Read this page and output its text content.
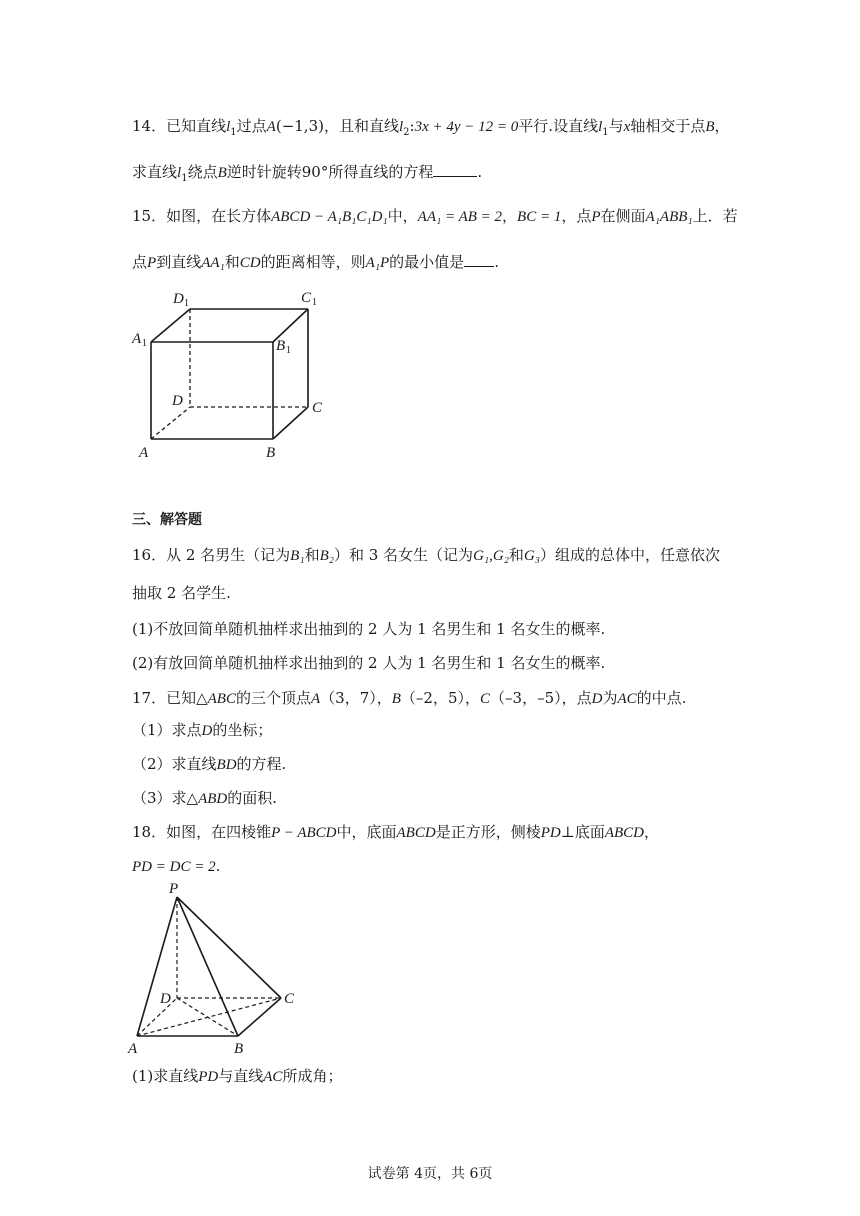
14．已知直线$l_1$过点A(−1,3)，且和直线$l_2:3x + 4y - 12 = 0$平行.设直线$l_1$与x轴相交于点B，
求直线$l_1$绕点B逆时针旋转90°所得直线的方程	.
15．如图，在长方体ABCD − A₁B₁C₁D₁中，AA₁ = AB = 2，BC = 1，点P在侧面A₁ABB₁上．若
点P到直线AA₁和CD的距离相等，则A₁P的最小值是 .
D 1	C 1
A 1	B 1
D	C
A	B
三、解答题
16．从 2 名男生（记为B₁和B₂）和 3 名女生（记为G₁,G₂和G₃）组成的总体中，任意依次
抽取 2 名学生.
(1)不放回简单随机抽样求出抽到的 2 人为 1 名男生和 1 名女生的概率.
(2)有放回简单随机抽样求出抽到的 2 人为 1 名男生和 1 名女生的概率.
17．已知△ABC的三个顶点A（3，7），B（–2，5），C（–3，–5），点D为AC的中点.
（1）求点D的坐标；
（2）求直线BD的方程.
（3）求△ABD的面积.
18．如图，在四棱锥P − ABCD中，底面ABCD是正方形，侧棱PD⊥底面ABCD，
PD = DC = 2.
P
D	C
A	B
(1)求直线PD与直线AC所成角；
试卷第 4页，共 6页
